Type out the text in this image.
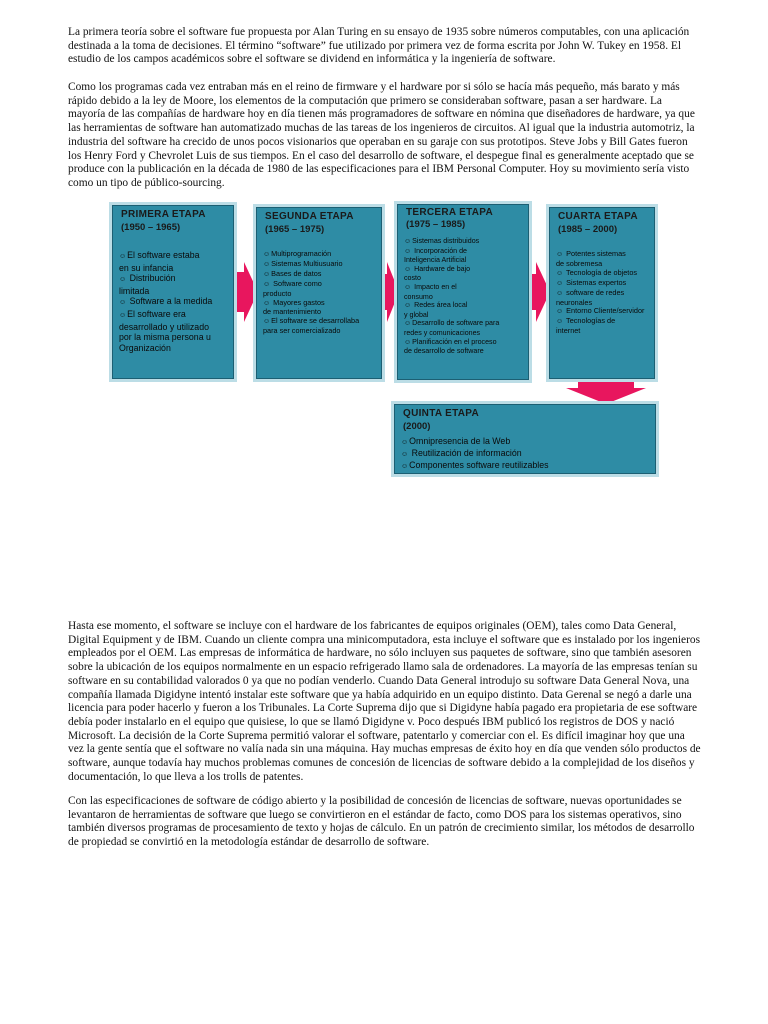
La primera teoría sobre el software fue propuesta por Alan Turing en su ensayo de 1935 sobre números computables, con una aplicación destinada a la toma de decisiones. El término “software” fue utilizado por primera vez de forma escrita por John W. Tukey en 1958. El estudio de los campos académicos sobre el software se dividend en informática y la ingeniería de software.

Como los programas cada vez entraban más en el reino de firmware y el hardware por si sólo se hacía más pequeño, más barato y más rápido debido a la ley de Moore, los elementos de la computación que primero se consideraban software, pasan a ser hardware. La mayoría de las compañías de hardware hoy en día tienen más programadores de software en nómina que diseñadores de hardware, ya que las herramientas de software han automatizado muchas de las tareas de los ingenieros de circuitos. Al igual que la industria automotriz, la industria del software ha crecido de unos pocos visionarios que operaban en su garaje con sus prototipos. Steve Jobs y Bill Gates fueron los Henry Ford y Chevrolet Luis de sus tiempos. En el caso del desarrollo de software, el despegue final es generalmente aceptado que se produce con la publicación en la década de 1980 de las especificaciones para el IBM Personal Computer. Hoy su movimiento sería visto como un tipo de público-sourcing.

PRIMERA ETAPA
(1950 – 1965)
☺ El software estaba
en su infancia
☺ Distribución
limitada
☺ Software a la medida
☺ El software era
desarrollado y utilizado
por la misma persona u
Organización
SEGUNDA ETAPA
(1965 – 1975)
☺ Multiprogramación
☺ Sistemas Multiusuario
☺ Bases de datos
☺ Software como
producto
☺ Mayores gastos
de mantenimiento
☺ El software se desarrollaba
para ser comercializado
TERCERA ETAPA
(1975 – 1985)
☺ Sistemas distribuidos
☺ Incorporación de
Inteligencia Artificial
☺ Hardware de bajo
costo
☺ Impacto en el
consumo
☺ Redes área local
y global
☺ Desarrollo de software para
redes y comunicaciones
☺ Planificación en el proceso
de desarrollo de software
CUARTA ETAPA
(1985 – 2000)
☺ Potentes sistemas
de sobremesa
☺ Tecnología de objetos
☺ Sistemas expertos
☺ software de redes
neuronales
☺ Entorno Cliente/servidor
☺ Tecnologías de
internet
QUINTA ETAPA
(2000)
☺ Omnipresencia de la Web
☺ Reutilización de información
☺ Componentes software reutilizables

Hasta ese momento, el software se incluye con el hardware de los fabricantes de equipos originales (OEM), tales como Data General, Digital Equipment y de IBM. Cuando un cliente compra una minicomputadora, esta incluye el software que es instalado por los ingenieros empleados por el OEM. Las empresas de informática de hardware, no sólo incluyen sus paquetes de software, sino que también asesoren sobre la ubicación de los equipos normalmente en un espacio refrigerado llamo sala de ordenadores. La mayoría de las empresas tenían su software en su contabilidad valorados 0 ya que no podían venderlo. Cuando Data General introdujo su software Data General Nova, una compañía llamada Digidyne intentó instalar este software que ya había adquirido en un equipo distinto. Data Gerenal se negó a darle una licencia para poder hacerlo y fueron a los Tribunales. La Corte Suprema dijo que si Digidyne había pagado era propietaria de ese software debía poder instalarlo en el equipo que quisiese, lo que se llamó Digidyne v. Poco después IBM publicó los registros de DOS y nació Microsoft. La decisión de la Corte Suprema permitió valorar el software, patentarlo y comerciar con el. Es difícil imaginar hoy que una vez la gente sentía que el software no valía nada sin una máquina. Hay muchas empresas de éxito hoy en día que venden sólo productos de software, aunque todavía hay muchos problemas comunes de concesión de licencias de software debido a la complejidad de los diseños y documentación, lo que lleva a los trolls de patentes.

Con las especificaciones de software de código abierto y la posibilidad de concesión de licencias de software, nuevas oportunidades se levantaron de herramientas de software que luego se convirtieron en el estándar de facto, como DOS para los sistemas operativos, sino también diversos programas de procesamiento de texto y hojas de cálculo. En un patrón de crecimiento similar, los métodos de desarrollo de propiedad se convirtió en la metodología estándar de desarrollo de software.
